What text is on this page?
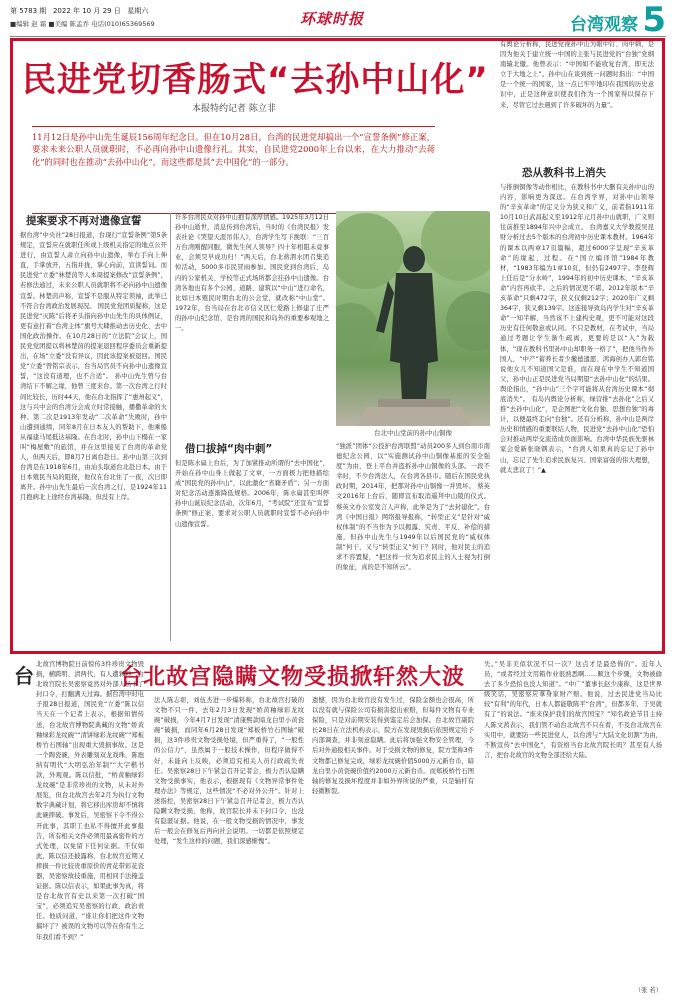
第 5783 期 2022 年 10 月 29 日 星期六
■编辑 赵 霜 ■美编 陈孟乔 电话(010)65369569	环球时报	台湾观察 5
民进党切香肠式“去孙中山化”
本报特约记者 陈立非
11月12日是孙中山先生诞辰156周年纪念日。但在10月28日，台湾的民进党却搞出一个“宣誓条例”修正案，要求未来公职人员就职时，不必再向孙中山遗像行礼。其实，自民进党2000年上台以来，在大力推动“去蒋化”的同时也在推动“去孙中山化”，而这些都是其“去中国化”的一部分。
台北中山堂前的孙中山铜像
提案要求不再对遗像宣誓
据台湾“中央社”28日报道，台现行“宣誓条例”第5条规定，宣誓应在就职任所或上级机关指定的地点公开进行，由宣誓人肃立向孙中山遗像，举右手向上伸直，手掌放开，五指并拢，掌心向前，宣读誓词。而民进党“立委”林楚茵等人本周提案修改“宣誓条例”，若修法通过，未来公职人员就职将不必向孙中山遗像宣誓。林楚茵声称，宣誓不是服从特定领袖，此举已不符合台湾政治发展现况。 国民党党团质疑称，这是民进党“灭陈”后将矛头指向孙中山先生的具体例证，更有意打着“台湾主体”旗号大肆推动去历史化、去中国化政治操作。在10月28日的“立法院”会议上，国民党党团提以将林楚茵的提案退回程序委员会重新提出，在场“立委”没有异议，因此该提案被退回。国民党“立委”曾铭宗表示，台当局官员不向孙中山遗像宣誓，“这没有道理，也不合适”。 孙中山先生曾与台湾结下不解之缘，他曾三度来台。第一次台湾之行时间比较长，历时44天，他在台北指挥了“惠州起义”，这与兴中会的台湾分会成立时常接触，播撒革命的火种。第二次是1913年发动“二次革命”失败时，孙中山遭到通缉，同年8月在日本友人的帮助下，他乘船从福建马尾抵达基隆。在台北时，孙中山下榻在一家叫“梅屋敷”的旅馆，并在这里接见了台湾的革命党人，但两天后，即8月7日离台赴日。孙中山第三次到台湾是在1918年6月，由汕头取道台北赴日本。由于日本殖民当局的阻挠，他仅在台北住了一夜，次日即离开。孙中山先生最后一次台湾之行，是1924年11月抱病北上途经台湾基隆，但没有上岸。
许多台湾民众对孙中山抱有深厚情感。1925年3月12日孙中山逝世，消息传到台湾后，当时的《台湾民报》发表社论《哭望天涯吊伟人》，台湾学生写下挽联：“三百万台湾刚醒同胞，微先生何人领导？四十年相阻未竟事业，会须昊早成功归！”两天后，台北蒋渭水团召集追悼活动，5000多市民冒雨参加。国民党到台湾后，岛内的公家机关、学校等正式场所都会挂孙中山遗像。台湾各地也有多个公园、道路、建筑以“中山”进行命名，比如日本殖民时期台北的公会堂，就改称“中山堂”。1972年，台当局在台北市信义区仁爱路上修建了庄严的孙中山纪念馆，是台湾的国民和岛外的重要参观地之一。
借口拔掉“肉中刺”
但是陈水扁上台后，为了加紧推动所谓的“去中国化”，开始在孙中山身上做起了文章，一方面极力把他描绘成“国民党的孙中山”，以此激化“省籍矛盾”；另一方面对纪念活动逐渐降低规格。2006年，陈水扁甚至叫停孙中山诞辰纪念活动，次年6月，“考试院”还宣布“宣誓条例”修正案，要求对公职人员就职时宣誓不必向孙中山遗像宣誓。
“独派”团体“公投护台湾联盟”动员200多人到台南市南德纪念公园，以“实施测试孙中山铜像基座的安全强度”为由，登上平台并盗拆孙中山铜像的头部。一段不幸时，不少台湾法人，在台湾各县市。随后在国民党执政时期，2014年，把那对孙中山铜像一并毁坏。 蔡英文2016年上台后，随即宣布取消遥拜中山陵的仪式。蔡英文办公室发言人声称，此举是为了“去封建化”。台湾《中国日报》网络报导报称，“转型正义”是针对“威权体制”的不当作为予以揭露、究责、平反、补偿的措施，但孙中山先生与1949年以后国民党的“威权体制”何干，又与“转型正义”何干？同时，他对民主的追求不容置疑，“把这样一位为追求民主的人士视为打倒的象征，真的是不知所云”。
有舆论分析称，民进党视孙中山为眼中钉、肉中刺，是因为他关于建立统一中国的主张与民进党的“台独”党纲南辕北辙。他曾表示：“中国如不能收复台湾，即无法立于大地之上”。孙中山在谈到统一问题时指出：“中国是一个统一的国家，这一点已牢牢地印在我国的历史意识中，正是这种意识使我们作为一个国家得以保存下来，尽管它过去遇到了许多破坏的力量”。
恐从教科书上消失
与推倒铜像等动作相比，在教科书中大删有关孙中山的内容，影响更为深远。在台湾学界，对孙中山领导的“辛亥革命”的定义分为狭义和广义，前者指1911年10月10日武昌起义至1912年元月孙中山就职，广义则往前推至1894年兴中会成立。 台湾嘉义大学教授吴昆财分析过去5个版本的台湾初中历史课本教材。1964年的课本以两章17页篇幅，超过6000字呈现“辛亥革命”的缘起、过程。在“国立编译馆”1984年教材，“1983年编为1章10页，但仍有2497字。李登辉上任后是“分水岭”，1994年的初中历史课本，“辛亥革命”内容再砍半。之后的情况更不堪。2012年版本“辛亥革命”只剩472字，狭义仅剩212字；2020年广义剩364字，狭义剩139字。这连接导致岛内学生对“辛亥革命”一知半解，当然该不上建构史观，更不可能对这段历史有任何敬意或认同。不只是教材，在考试中，当局通过考题让学生渐生疏离，更要的是以“入”为载体，“现在教科书里孙中山却职务一格了”，把他当作外国人，“中产”蓄养长者少撤德遗愿、鸿海创办人郭台铭说他女儿不知道国父是谁，而在现在中学生不知道国父，孙中山正是民进党当局期望“去孙中山化”的结果。舆论指出，“孙中山”三个字可能将从台湾历史课本“彻底消失”。 有岛内舆论分析称，绿营推“去孙化”之后又推“去孙中山化”，是企图把“文化台独、思想台独”的毒计，以便最终走向“台独”。还有分析称，孙中山是两岸历史和情感的重要联结人物，民进党“去孙中山化”恐怕会对推动两岸交流造成负面影响。台湾中华民族先驱林家会爱新张晓钢表示，“台湾人如果真的忘记了孙中山，忘记了先生追求民族复兴、国家富强的伟大理想，就太悲哀了！”▲
台	台北故宫隐瞒文物受损掀轩然大波
北故宫博物院日前惊传3件珍贵文物毁损，横跨明、清两代，有人遭彩料，台北故宫院长吴密察竟然对外部人员下了封口令，打翻满天过海。据台湾中时电子报28日报道，国民党“立委”陈以信当天在一个记者上表示，根据知情传送，台北故宫博物院典藏的文物“娇黄釉绿彩龙纹碗”“清饼绿彩龙纹碗”“郑板桥竹石图轴”出现重大毁损事故。这是一个陶瓷碗，外表雕刻双龙戏珠，陈虺纳有明代“大明弘治年制”“大字楷书款，外观观。陈以信批，“桥黄釉绿彩龙纹碗”是非常珍贵的文物，从未对外展览，但台北故宫去年2月为执行文物数字典藏计划，将它移出库房却不慎将此碗摔破。事发后，吴密察下令不得公开此事，其职工也私不得擅开此事报告，所有相关文件必须用最高密件的方式处理，以免留下任何证据。不仅如此，陈以信还披露称，台北故宫近期又摔损一件比较贵重原价的青花带彩花瓷器，吴密察故技重施，用相同手法掩盖证据。陈以信表示，如果此事为真，将是台北故宫有史以来第一次打破“国宝”，必须追究吴密察的行政、政治责任。他质问道，“谁让你们把这件文物搞坏了？被误的文物可以等在你有生之年我们看不到？”
法人陈志彰，刘伍杰进一步爆料称，台北故宫打破的文物不只一件，去年2月3日发现“娇黄釉绿彩龙纹碗”破损，今年4月7日发现“清康熙款暗龙白里小黄瓷碗”破损，而同年6月28日发现“郑板桥竹石图轴”破损，这3件珍贵文物受损处境，但严重得了，“一般性的公信力”，虽然属于一般技术操作，但程序做得不好，未能向上反映，必须追究相关人员行政疏失责任。吴密察28日下午紧急召开记者会，极力否认隐瞒文物受损事实，他表示，根据现有《文物异常事件处理办法》等规定，这些情况“不必对外公开”。针对上述指控，吴密察28日下午紧急召开记者会，极力否认隐瞒文物受损，他称，故宫院长并未下封口令，也没有隐匿证据。他说，在一般文物受损的情况中，事发后一般会在修复后再向社会说明。一切都是依照规定处理，“发生这样的问题，我们深感惭愧”。
遗憾，因为台北故宫没有发生过，保险金额也会很高，所以没有就与保险公司有损害提出索赔，但每件文物有专业保险，只是对前期安装得到鉴定后会加保。台北故宫副院长28日在立法机构表示，院方在发现毁损后依照规定给予内部调查，并非刻意隐瞒。此后将加强文物安全管理，今后对外通报相关事件。对于受损文物的修复，院方坚称3件文物都已修复完成，绿彩龙纹碗价值5000万元新台币，暗龙白里小黄瓷碗价值约2000万元新台币。而郑板桥竹石图轴的修复及损坏程度并非如外界所说的严重，只是轴杆有轻微断裂。
失。”吴非美似状况不只一次？这点才是最恐怖的”。近年人员，“或者经过文用箱作业很熟悉啊……顺这个步骤，文物被偷去了多少恐怕也没人知道”。“中广”董事长赵少康称，这是世界级笑话，吴密察应拿身家财产赔。他说，过去民进党当局比较“有利”的年代，日本人都能敬陈平“台湾”，但都多年，于吴就有了”的说法。“谁来保护我们的故宫国宝？”知名政论节目主持人陈文茜表示，我们管不动台北故宫不只在看，不及台北故宫在实用中，就要防一些民进党人，以台湾与“大陆文化切割”为由，不断宣传“去中国化”，有资格当台北故宫院长吗？甚至有人扬言，把台北故宫的文物全部还给大陆。
（张 若）
